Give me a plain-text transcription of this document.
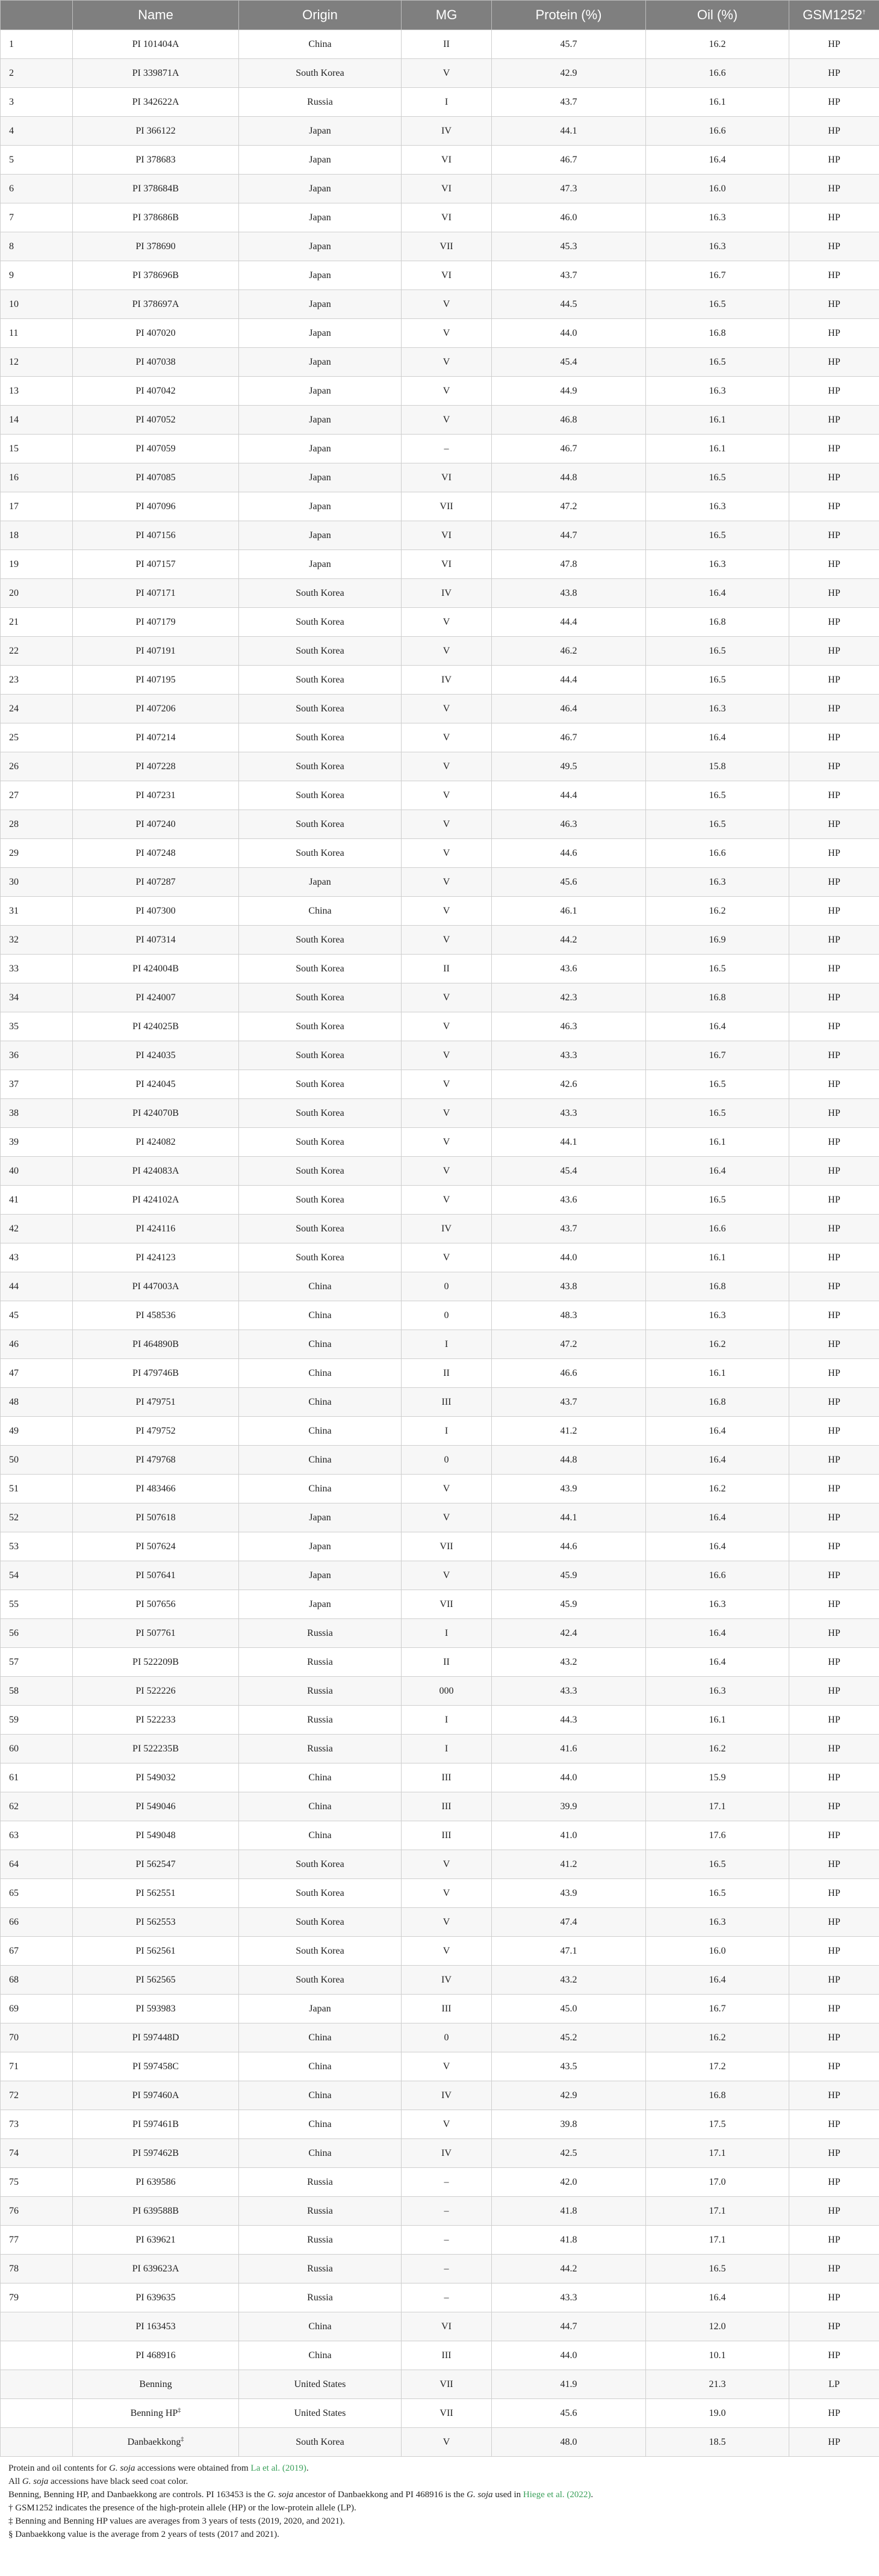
	Name	Origin	MG	Protein (%)	Oil (%)	GSM1252†
1	PI 101404A	China	II	45.7	16.2	HP
2	PI 339871A	South Korea	V	42.9	16.6	HP
3	PI 342622A	Russia	I	43.7	16.1	HP
4	PI 366122	Japan	IV	44.1	16.6	HP
5	PI 378683	Japan	VI	46.7	16.4	HP
6	PI 378684B	Japan	VI	47.3	16.0	HP
7	PI 378686B	Japan	VI	46.0	16.3	HP
8	PI 378690	Japan	VII	45.3	16.3	HP
9	PI 378696B	Japan	VI	43.7	16.7	HP
10	PI 378697A	Japan	V	44.5	16.5	HP
11	PI 407020	Japan	V	44.0	16.8	HP
12	PI 407038	Japan	V	45.4	16.5	HP
13	PI 407042	Japan	V	44.9	16.3	HP
14	PI 407052	Japan	V	46.8	16.1	HP
15	PI 407059	Japan	–	46.7	16.1	HP
16	PI 407085	Japan	VI	44.8	16.5	HP
17	PI 407096	Japan	VII	47.2	16.3	HP
18	PI 407156	Japan	VI	44.7	16.5	HP
19	PI 407157	Japan	VI	47.8	16.3	HP
20	PI 407171	South Korea	IV	43.8	16.4	HP
21	PI 407179	South Korea	V	44.4	16.8	HP
22	PI 407191	South Korea	V	46.2	16.5	HP
23	PI 407195	South Korea	IV	44.4	16.5	HP
24	PI 407206	South Korea	V	46.4	16.3	HP
25	PI 407214	South Korea	V	46.7	16.4	HP
26	PI 407228	South Korea	V	49.5	15.8	HP
27	PI 407231	South Korea	V	44.4	16.5	HP
28	PI 407240	South Korea	V	46.3	16.5	HP
29	PI 407248	South Korea	V	44.6	16.6	HP
30	PI 407287	Japan	V	45.6	16.3	HP
31	PI 407300	China	V	46.1	16.2	HP
32	PI 407314	South Korea	V	44.2	16.9	HP
33	PI 424004B	South Korea	II	43.6	16.5	HP
34	PI 424007	South Korea	V	42.3	16.8	HP
35	PI 424025B	South Korea	V	46.3	16.4	HP
36	PI 424035	South Korea	V	43.3	16.7	HP
37	PI 424045	South Korea	V	42.6	16.5	HP
38	PI 424070B	South Korea	V	43.3	16.5	HP
39	PI 424082	South Korea	V	44.1	16.1	HP
40	PI 424083A	South Korea	V	45.4	16.4	HP
41	PI 424102A	South Korea	V	43.6	16.5	HP
42	PI 424116	South Korea	IV	43.7	16.6	HP
43	PI 424123	South Korea	V	44.0	16.1	HP
44	PI 447003A	China	0	43.8	16.8	HP
45	PI 458536	China	0	48.3	16.3	HP
46	PI 464890B	China	I	47.2	16.2	HP
47	PI 479746B	China	II	46.6	16.1	HP
48	PI 479751	China	III	43.7	16.8	HP
49	PI 479752	China	I	41.2	16.4	HP
50	PI 479768	China	0	44.8	16.4	HP
51	PI 483466	China	V	43.9	16.2	HP
52	PI 507618	Japan	V	44.1	16.4	HP
53	PI 507624	Japan	VII	44.6	16.4	HP
54	PI 507641	Japan	V	45.9	16.6	HP
55	PI 507656	Japan	VII	45.9	16.3	HP
56	PI 507761	Russia	I	42.4	16.4	HP
57	PI 522209B	Russia	II	43.2	16.4	HP
58	PI 522226	Russia	000	43.3	16.3	HP
59	PI 522233	Russia	I	44.3	16.1	HP
60	PI 522235B	Russia	I	41.6	16.2	HP
61	PI 549032	China	III	44.0	15.9	HP
62	PI 549046	China	III	39.9	17.1	HP
63	PI 549048	China	III	41.0	17.6	HP
64	PI 562547	South Korea	V	41.2	16.5	HP
65	PI 562551	South Korea	V	43.9	16.5	HP
66	PI 562553	South Korea	V	47.4	16.3	HP
67	PI 562561	South Korea	V	47.1	16.0	HP
68	PI 562565	South Korea	IV	43.2	16.4	HP
69	PI 593983	Japan	III	45.0	16.7	HP
70	PI 597448D	China	0	45.2	16.2	HP
71	PI 597458C	China	V	43.5	17.2	HP
72	PI 597460A	China	IV	42.9	16.8	HP
73	PI 597461B	China	V	39.8	17.5	HP
74	PI 597462B	China	IV	42.5	17.1	HP
75	PI 639586	Russia	–	42.0	17.0	HP
76	PI 639588B	Russia	–	41.8	17.1	HP
77	PI 639621	Russia	–	41.8	17.1	HP
78	PI 639623A	Russia	–	44.2	16.5	HP
79	PI 639635	Russia	–	43.3	16.4	HP
	PI 163453	China	VI	44.7	12.0	HP
	PI 468916	China	III	44.0	10.1	HP
	Benning	United States	VII	41.9	21.3	LP
	Benning HP‡	United States	VII	45.6	19.0	HP
	Danbaekkong‡	South Korea	V	48.0	18.5	HP

Protein and oil contents for G. soja accessions were obtained from La et al. (2019).

All G. soja accessions have black seed coat color.

Benning, Benning HP, and Danbaekkong are controls. PI 163453 is the G. soja ancestor of Danbaekkong and PI 468916 is the G. soja used in Hiege et al. (2022).

† GSM1252 indicates the presence of the high-protein allele (HP) or the low-protein allele (LP).

‡ Benning and Benning HP values are averages from 3 years of tests (2019, 2020, and 2021).

§ Danbaekkong value is the average from 2 years of tests (2017 and 2021).
